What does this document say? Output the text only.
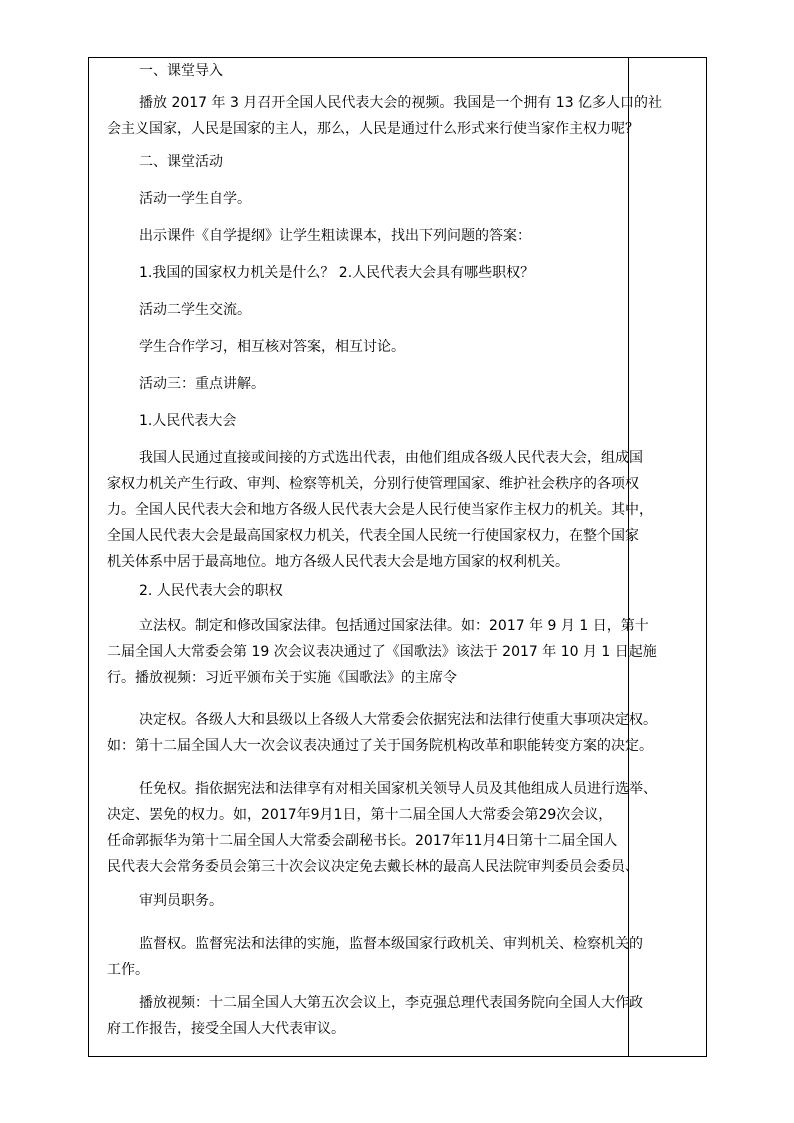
一、课堂导入
播放 2017 年 3 月召开全国人民代表大会的视频。我国是一个拥有 13 亿多人口的社
会主义国家，人民是国家的主人，那么，人民是通过什么形式来行使当家作主权力呢？
二、课堂活动
活动一学生自学。
出示课件《自学提纲》让学生粗读课本，找出下列问题的答案：
1.我国的国家权力机关是什么？ 2.人民代表大会具有哪些职权？
活动二学生交流。
学生合作学习，相互核对答案，相互讨论。
活动三：重点讲解。
1.人民代表大会
我国人民通过直接或间接的方式选出代表，由他们组成各级人民代表大会，组成国
家权力机关产生行政、审判、检察等机关，分别行使管理国家、维护社会秩序的各项权
力。全国人民代表大会和地方各级人民代表大会是人民行使当家作主权力的机关。其中，
全国人民代表大会是最高国家权力机关，代表全国人民统一行使国家权力，在整个国家
机关体系中居于最高地位。地方各级人民代表大会是地方国家的权利机关。
2. 人民代表大会的职权
立法权。制定和修改国家法律。包括通过国家法律。如：2017 年 9 月 1 日，第十
二届全国人大常委会第 19 次会议表决通过了《国歌法》该法于 2017 年 10 月 1 日起施
行。播放视频：习近平颁布关于实施《国歌法》的主席令
决定权。各级人大和县级以上各级人大常委会依据宪法和法律行使重大事项决定权。
如：第十二届全国人大一次会议表决通过了关于国务院机构改革和职能转变方案的决定。
任免权。指依据宪法和法律享有对相关国家机关领导人员及其他组成人员进行选举、
决定、罢免的权力。如，2017年9月1日，第十二届全国人大常委会第29次会议，
任命郭振华为第十二届全国人大常委会副秘书长。2017年11月4日第十二届全国人
民代表大会常务委员会第三十次会议决定免去戴长林的最高人民法院审判委员会委员、
审判员职务。
监督权。监督宪法和法律的实施，监督本级国家行政机关、审判机关、检察机关的
工作。
播放视频：十二届全国人大第五次会议上，李克强总理代表国务院向全国人大作政
府工作报告，接受全国人大代表审议。
